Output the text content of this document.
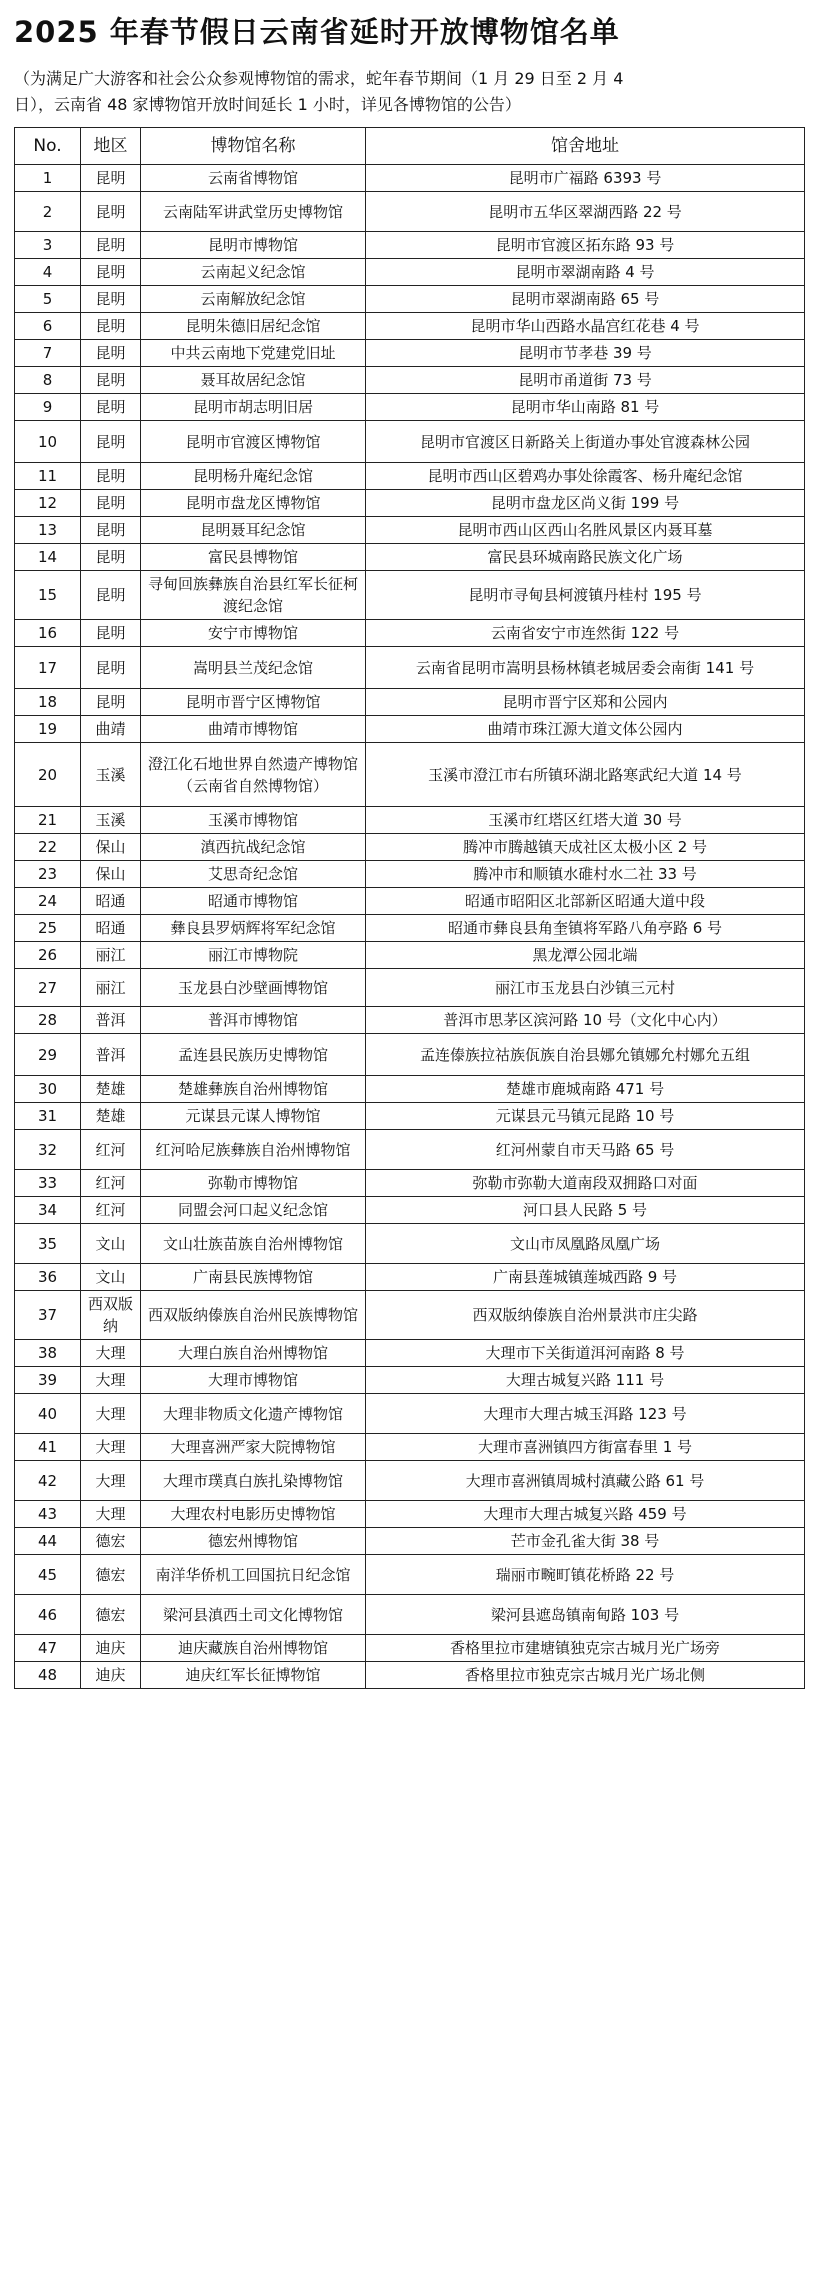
2025 年春节假日云南省延时开放博物馆名单
（为满足广大游客和社会公众参观博物馆的需求，蛇年春节期间（1 月 29 日至 2 月 4
日），云南省 48 家博物馆开放时间延长 1 小时，详见各博物馆的公告）
No.	地区	博物馆名称	馆舍地址
1	昆明	云南省博物馆	昆明市广福路 6393 号
2	昆明	云南陆军讲武堂历史博物馆	昆明市五华区翠湖西路 22 号
3	昆明	昆明市博物馆	昆明市官渡区拓东路 93 号
4	昆明	云南起义纪念馆	昆明市翠湖南路 4 号
5	昆明	云南解放纪念馆	昆明市翠湖南路 65 号
6	昆明	昆明朱德旧居纪念馆	昆明市华山西路水晶宫红花巷 4 号
7	昆明	中共云南地下党建党旧址	昆明市节孝巷 39 号
8	昆明	聂耳故居纪念馆	昆明市甬道街 73 号
9	昆明	昆明市胡志明旧居	昆明市华山南路 81 号
10	昆明	昆明市官渡区博物馆	昆明市官渡区日新路关上街道办事处官渡森林公园
11	昆明	昆明杨升庵纪念馆	昆明市西山区碧鸡办事处徐霞客、杨升庵纪念馆
12	昆明	昆明市盘龙区博物馆	昆明市盘龙区尚义街 199 号
13	昆明	昆明聂耳纪念馆	昆明市西山区西山名胜风景区内聂耳墓
14	昆明	富民县博物馆	富民县环城南路民族文化广场
15	昆明	寻甸回族彝族自治县红军长征柯渡纪念馆	昆明市寻甸县柯渡镇丹桂村 195 号
16	昆明	安宁市博物馆	云南省安宁市连然街 122 号
17	昆明	嵩明县兰茂纪念馆	云南省昆明市嵩明县杨林镇老城居委会南街 141 号
18	昆明	昆明市晋宁区博物馆	昆明市晋宁区郑和公园内
19	曲靖	曲靖市博物馆	曲靖市珠江源大道文体公园内
20	玉溪	澄江化石地世界自然遗产博物馆（云南省自然博物馆）	玉溪市澄江市右所镇环湖北路寒武纪大道 14 号
21	玉溪	玉溪市博物馆	玉溪市红塔区红塔大道 30 号
22	保山	滇西抗战纪念馆	腾冲市腾越镇天成社区太极小区 2 号
23	保山	艾思奇纪念馆	腾冲市和顺镇水碓村水二社 33 号
24	昭通	昭通市博物馆	昭通市昭阳区北部新区昭通大道中段
25	昭通	彝良县罗炳辉将军纪念馆	昭通市彝良县角奎镇将军路八角亭路 6 号
26	丽江	丽江市博物院	黑龙潭公园北端
27	丽江	玉龙县白沙壁画博物馆	丽江市玉龙县白沙镇三元村
28	普洱	普洱市博物馆	普洱市思茅区滨河路 10 号（文化中心内）
29	普洱	孟连县民族历史博物馆	孟连傣族拉祜族佤族自治县娜允镇娜允村娜允五组
30	楚雄	楚雄彝族自治州博物馆	楚雄市鹿城南路 471 号
31	楚雄	元谋县元谋人博物馆	元谋县元马镇元昆路 10 号
32	红河	红河哈尼族彝族自治州博物馆	红河州蒙自市天马路 65 号
33	红河	弥勒市博物馆	弥勒市弥勒大道南段双拥路口对面
34	红河	同盟会河口起义纪念馆	河口县人民路 5 号
35	文山	文山壮族苗族自治州博物馆	文山市凤凰路凤凰广场
36	文山	广南县民族博物馆	广南县莲城镇莲城西路 9 号
37	西双版纳	西双版纳傣族自治州民族博物馆	西双版纳傣族自治州景洪市庄尖路
38	大理	大理白族自治州博物馆	大理市下关街道洱河南路 8 号
39	大理	大理市博物馆	大理古城复兴路 111 号
40	大理	大理非物质文化遗产博物馆	大理市大理古城玉洱路 123 号
41	大理	大理喜洲严家大院博物馆	大理市喜洲镇四方街富春里 1 号
42	大理	大理市璞真白族扎染博物馆	大理市喜洲镇周城村滇藏公路 61 号
43	大理	大理农村电影历史博物馆	大理市大理古城复兴路 459 号
44	德宏	德宏州博物馆	芒市金孔雀大街 38 号
45	德宏	南洋华侨机工回国抗日纪念馆	瑞丽市畹町镇花桥路 22 号
46	德宏	梁河县滇西土司文化博物馆	梁河县遮岛镇南甸路 103 号
47	迪庆	迪庆藏族自治州博物馆	香格里拉市建塘镇独克宗古城月光广场旁
48	迪庆	迪庆红军长征博物馆	香格里拉市独克宗古城月光广场北侧
